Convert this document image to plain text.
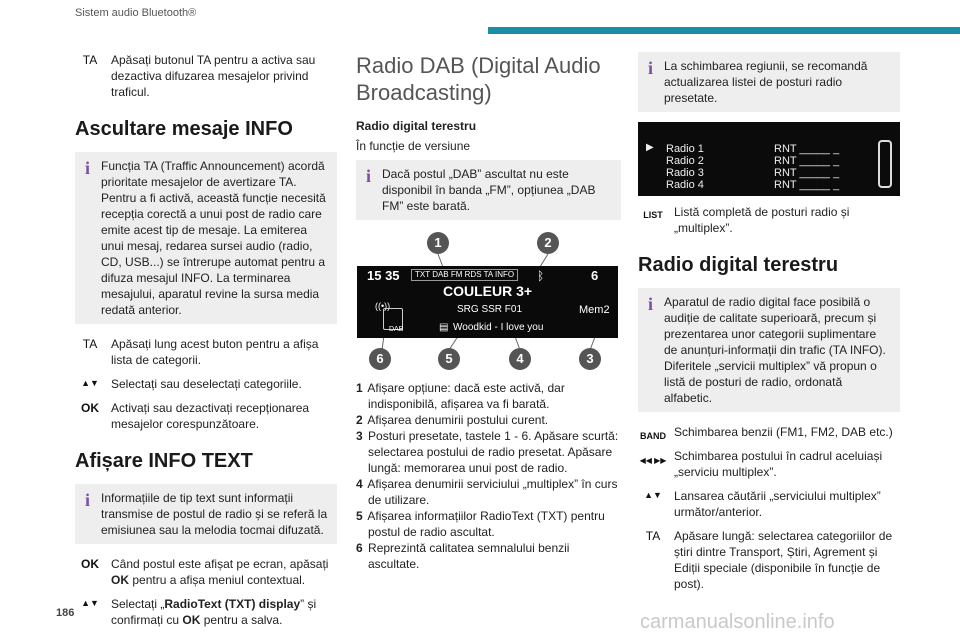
Sistem audio Bluetooth®
TA	Apăsați butonul TA pentru a activa sau dezactiva difuzarea mesajelor privind traficul.

Ascultare mesaje INFO
i Funcția TA (Traffic Announcement) acordă prioritate mesajelor de avertizare TA. Pentru a fi activă, această funcție necesită recepția corectă a unui post de radio care emite acest tip de mesaje. La emiterea unui mesaj, redarea sursei audio (radio, CD, USB...) se întrerupe automat pentru a difuza mesajul INFO. La terminarea mesajului, aparatul revine la sursa media redată anterior.

TA	Apăsați lung acest buton pentru a afișa lista de categorii.

▲▼	Selectați sau deselectați categoriile.

OK	Activați sau dezactivați recepționarea mesajelor corespunzătoare.

Afișare INFO TEXT
i Informațiile de tip text sunt informații transmise de postul de radio și se referă la emisiunea sau la melodia tocmai difuzată.

OK	Când postul este afișat pe ecran, apăsați OK pentru a afișa meniul contextual.

▲▼	Selectați „RadioText (TXT) display” și confirmați cu OK pentru a salva.

Radio DAB (Digital Audio Broadcasting)
Radio digital terestru

În funcție de versiune

i Dacă postul „DAB” ascultat nu este disponibil în banda „FM”, opțiunea „DAB FM” este barată.

15 35	TXT DAB FM RDS TA INFO	ᛒ	6
COULEUR 3+
SRG SSR F01	Mem2
((•))
DAB	▤ Woodkid - I love you
1	2
3
4
5
6

1 Afișare opțiune: dacă este activă, dar indisponibilă, afișarea va fi barată.

2 Afișarea denumirii postului curent.

3 Posturi presetate, tastele 1 - 6. Apăsare scurtă: selectarea postului de radio presetat. Apăsare lungă: memorarea unui post de radio.

4 Afișarea denumirii serviciului „multiplex” în curs de utilizare.

5 Afișarea informațiilor RadioText (TXT) pentru postul de radio ascultat.

6 Reprezintă calitatea semnalului benzii ascultate.

i La schimbarea regiunii, se recomandă actualizarea listei de posturi radio presetate.

▶ Radio 1	RNT _____ _
Radio 2	RNT _____ _
Radio 3	RNT _____ _
Radio 4	RNT _____ _
LIST Listă completă de posturi radio și „multiplex”.

Radio digital terestru
i Aparatul de radio digital face posibilă o audiție de calitate superioară, precum și prezentarea unor categorii suplimentare de anunțuri-informații din trafic (TA INFO). Diferitele „servicii multiplex” vă propun o listă de posturi de radio, ordonată alfabetic.

BAND Schimbarea benzii (FM1, FM2, DAB etc.)

◀◀ ▶▶ Schimbarea postului în cadrul aceluiași „serviciu multiplex”.

▲▼	Lansarea căutării „serviciului multiplex” următor/anterior.

TA	Apăsare lungă: selectarea categoriilor de știri dintre Transport, Știri, Agrement și Ediții speciale (disponibile în funcție de post).

186	carmanualsonline.info
